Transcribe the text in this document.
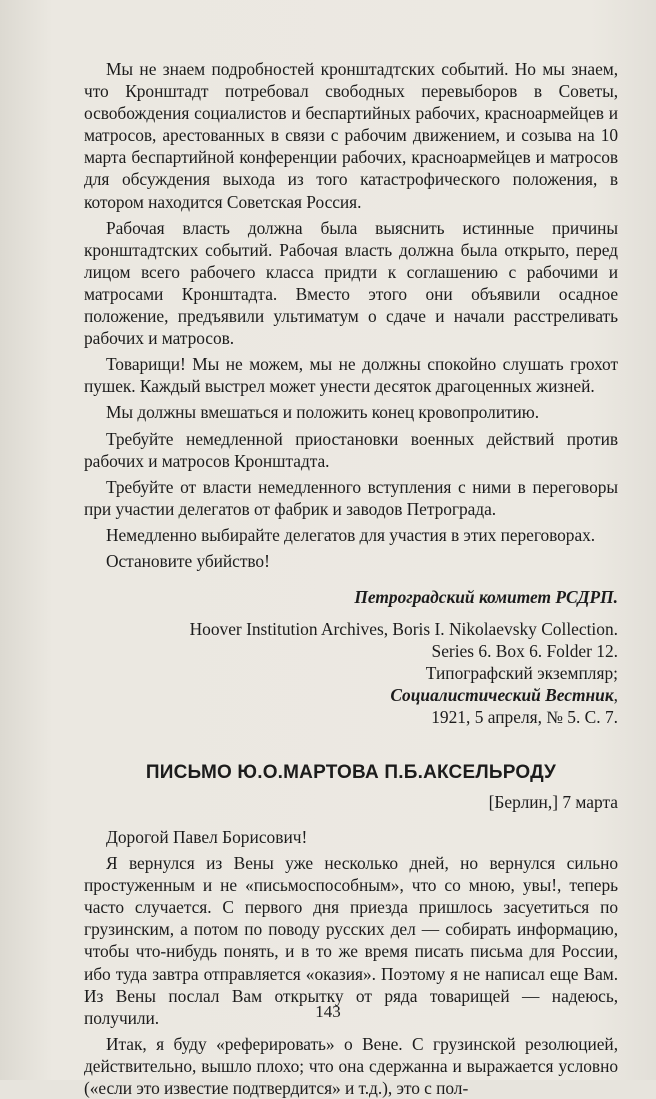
Мы не знаем подробностей кронштадтских событий. Но мы знаем, что Кронштадт потребовал свободных перевыборов в Советы, освобождения социалистов и беспартийных рабочих, красноармейцев и матросов, арестованных в связи с рабочим движением, и созыва на 10 марта беспартийной конференции рабочих, красноармейцев и матросов для обсуждения выхода из того катастрофического положения, в котором находится Советская Россия.

Рабочая власть должна была выяснить истинные причины кронштадтских событий. Рабочая власть должна была открыто, перед лицом всего рабочего класса придти к соглашению с рабочими и матросами Кронштадта. Вместо этого они объявили осадное положение, предъявили ультиматум о сдаче и начали расстреливать рабочих и матросов.

Товарищи! Мы не можем, мы не должны спокойно слушать грохот пушек. Каждый выстрел может унести десяток драгоценных жизней.

Мы должны вмешаться и положить конец кровопролитию.

Требуйте немедленной приостановки военных действий против рабочих и матросов Кронштадта.

Требуйте от власти немедленного вступления с ними в переговоры при участии делегатов от фабрик и заводов Петрограда.

Немедленно выбирайте делегатов для участия в этих переговорах.

Остановите убийство!

Петроградский комитет РСДРП.
Hoover Institution Archives, Boris I. Nikolaevsky Collection.
Series 6. Box 6. Folder 12.
Типографский экземпляр;
Социалистический Вестник,
1921, 5 апреля, № 5. С. 7.
ПИСЬМО Ю.О.МАРТОВА П.Б.АКСЕЛЬРОДУ
[Берлин,] 7 марта
Дорогой Павел Борисович!

Я вернулся из Вены уже несколько дней, но вернулся сильно простуженным и не «письмоспособным», что со мною, увы!, теперь часто случается. С первого дня приезда пришлось засуетиться по грузинским, а потом по поводу русских дел — собирать информацию, чтобы что-нибудь понять, и в то же время писать письма для России, ибо туда завтра отправляется «оказия». Поэтому я не написал еще Вам. Из Вены послал Вам открытку от ряда товарищей — надеюсь, получили.

Итак, я буду «реферировать» о Вене. С грузинской резолюцией, действительно, вышло плохо; что она сдержанна и выражается условно («если это известие подтвердится» и т.д.), это с пол-

143
